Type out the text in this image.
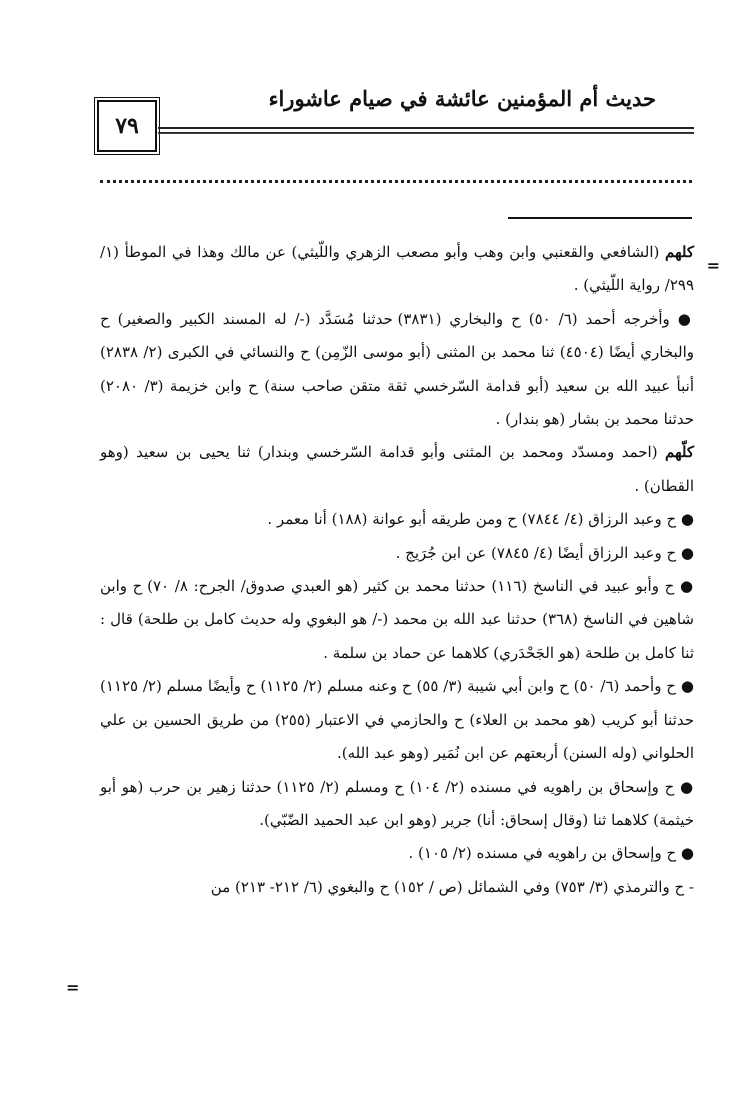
حديث أم المؤمنين عائشة في صيام عاشوراء
٧٩
=
=

كلهم (الشافعي والقعنبي وابن وهب وأبو مصعب الزهري واللّيثي) عن مالك وهذا في الموطأ (١/ ٢٩٩/ رواية اللّيثي) .

● وأخرجه أحمد (٦/ ٥٠) ح والبخاري (٣٨٣١) حدثنا مُسَدَّد (-/ له المسند الكبير والصغير) ح والبخاري أيضًا (٤٥٠٤) ثنا محمد بن المثنى (أبو موسى الزّمِن) ح والنسائي في الكبرى (٢/ ٢٨٣٨) أنبأ عبيد الله بن سعيد (أبو قدامة السّرخسي ثقة متقن صاحب سنة) ح وابن خزيمة (٣/ ٢٠٨٠) حدثنا محمد بن بشار (هو بندار) .

كلّهم (احمد ومسدّد ومحمد بن المثنى وأبو قدامة السّرخسي وبندار) ثنا يحيى بن سعيد (وهو القطان) .

● ح وعبد الرزاق (٤/ ٧٨٤٤) ح ومن طريقه أبو عوانة (١٨٨) أنا معمر .

● ح وعبد الرزاق أيضًا (٤/ ٧٨٤٥) عن ابن جُرَيج .

● ح وأبو عبيد في الناسخ (١١٦) حدثنا محمد بن كثير (هو العبدي صدوق/ الجرح: ٨/ ٧٠) ح وابن شاهين في الناسخ (٣٦٨) حدثنا عبد الله بن محمد (-/ هو البغوي وله حديث كامل بن طلحة) قال : ثنا كامل بن طلحة (هو الجَحْدَري) كلاهما عن حماد بن سلمة .

● ح وأحمد (٦/ ٥٠) ح وابن أبي شيبة (٣/ ٥٥) ح وعنه مسلم (٢/ ١١٢٥) ح وأيضًا مسلم (٢/ ١١٢٥) حدثنا أبو كريب (هو محمد بن العلاء) ح والحازمي في الاعتبار (٢٥٥) من طريق الحسين بن علي الحلواني (وله السنن) أربعتهم عن ابن نُمَير (وهو عبد الله).

● ح وإسحاق بن راهويه في مسنده (٢/ ١٠٤) ح ومسلم (٢/ ١١٢٥) حدثنا زهير بن حرب (هو أبو خيثمة) كلاهما ثنا (وقال إسحاق: أنا) جرير (وهو ابن عبد الحميد الضّبّي).

● ح وإسحاق بن راهويه في مسنده (٢/ ١٠٥) .

- ح والترمذي (٣/ ٧٥٣) وفي الشمائل (ص / ١٥٢) ح والبغوي (٦/ ٢١٢- ٢١٣) من
